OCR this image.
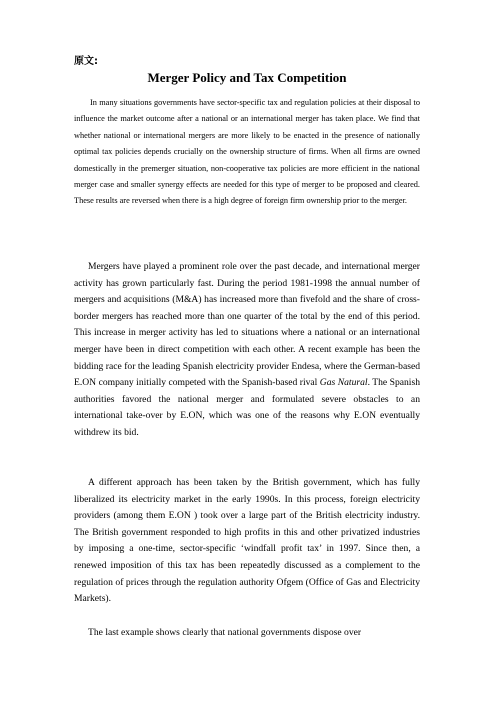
原文:
Merger Policy and Tax Competition

In many situations governments have sector-specific tax and regulation policies at their disposal to influence the market outcome after a national or an international merger has taken place. We find that whether national or international mergers are more likely to be enacted in the presence of nationally optimal tax policies depends crucially on the ownership structure of firms. When all firms are owned domestically in the premerger situation, non-cooperative tax policies are more efficient in the national merger case and smaller synergy effects are needed for this type of merger to be proposed and cleared. These results are reversed when there is a high degree of foreign firm ownership prior to the merger.

Mergers have played a prominent role over the past decade, and international merger activity has grown particularly fast. During the period 1981-1998 the annual number of mergers and acquisitions (M&A) has increased more than fivefold and the share of cross-border mergers has reached more than one quarter of the total by the end of this period. This increase in merger activity has led to situations where a national or an international merger have been in direct competition with each other. A recent example has been the bidding race for the leading Spanish electricity provider Endesa, where the German-based E.ON company initially competed with the Spanish-based rival Gas Natural. The Spanish authorities favored the national merger and formulated severe obstacles to an international take-over by E.ON, which was one of the reasons why E.ON eventually withdrew its bid.

A different approach has been taken by the British government, which has fully liberalized its electricity market in the early 1990s. In this process, foreign electricity providers (among them E.ON ) took over a large part of the British electricity industry. The British government responded to high profits in this and other privatized industries by imposing a one-time, sector-specific ‘windfall profit tax’ in 1997. Since then, a renewed imposition of this tax has been repeatedly discussed as a complement to the regulation of prices through the regulation authority Ofgem (Office of Gas and Electricity Markets).

The last example shows clearly that national governments dispose over
